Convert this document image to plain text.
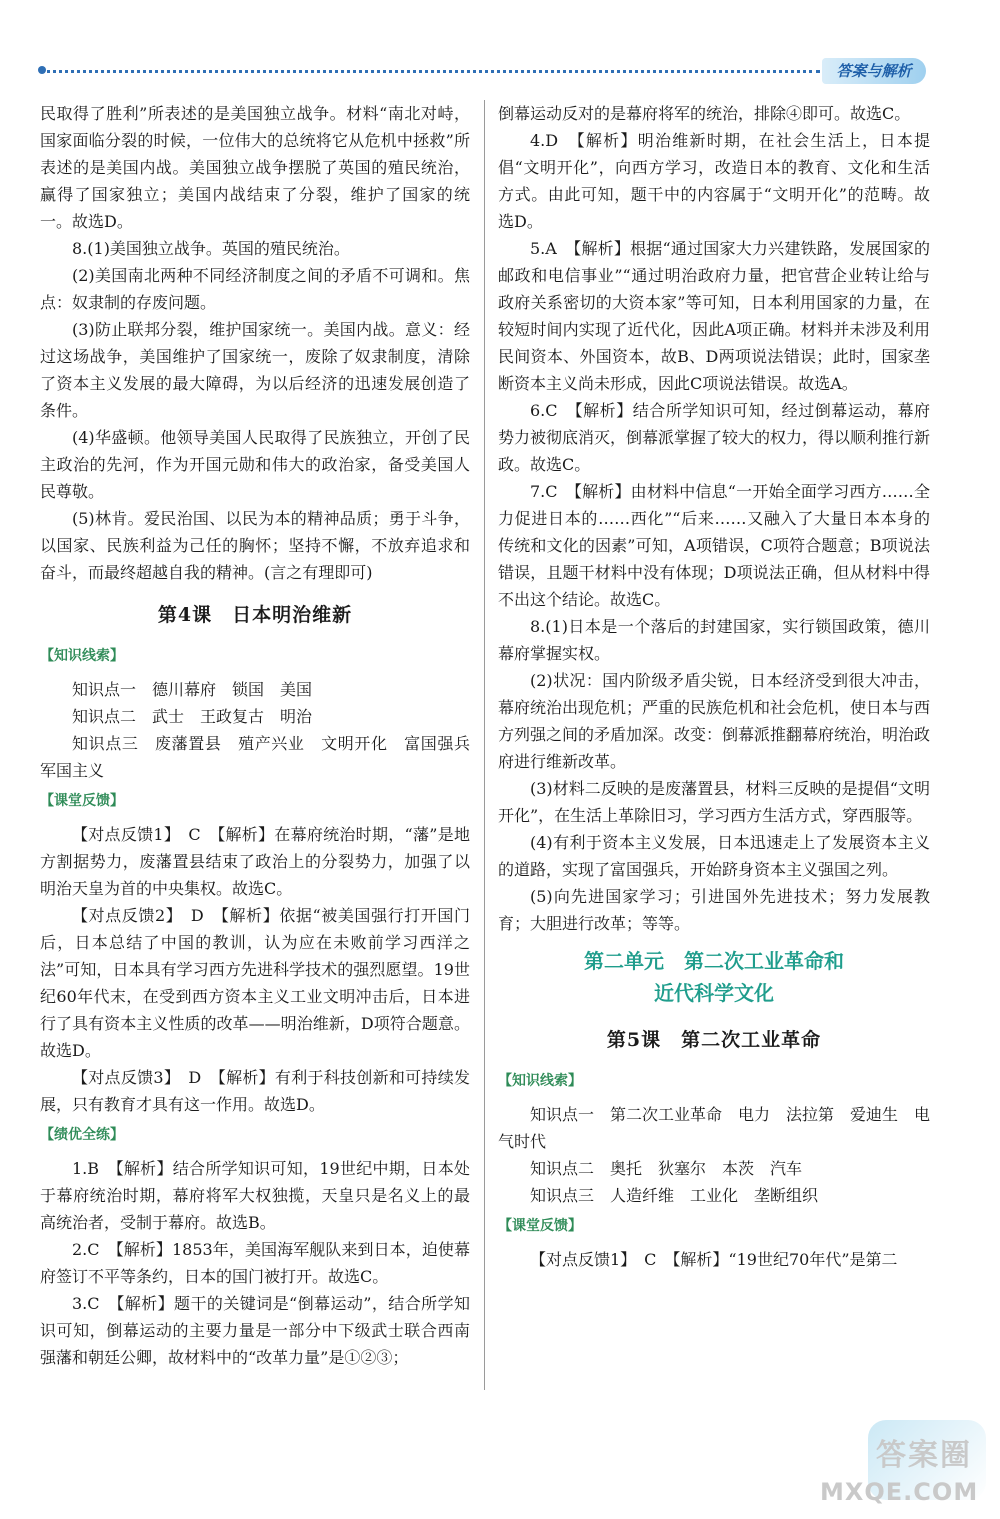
答案与解析

民取得了胜利”所表述的是美国独立战争。材料“南北对峙，国家面临分裂的时候，一位伟大的总统将它从危机中拯救”所表述的是美国内战。美国独立战争摆脱了英国的殖民统治，赢得了国家独立；美国内战结束了分裂，维护了国家的统一。故选D。

8.(1)美国独立战争。英国的殖民统治。

(2)美国南北两种不同经济制度之间的矛盾不可调和。焦点：奴隶制的存废问题。

(3)防止联邦分裂，维护国家统一。美国内战。意义：经过这场战争，美国维护了国家统一，废除了奴隶制度，清除了资本主义发展的最大障碍，为以后经济的迅速发展创造了条件。

(4)华盛顿。他领导美国人民取得了民族独立，开创了民主政治的先河，作为开国元勋和伟大的政治家，备受美国人民尊敬。

(5)林肯。爱民治国、以民为本的精神品质；勇于斗争，以国家、民族利益为己任的胸怀；坚持不懈，不放弃追求和奋斗，而最终超越自我的精神。(言之有理即可)

第4课　日本明治维新
【知识线索】

知识点一　德川幕府　锁国　美国

知识点二　武士　王政复古　明治

知识点三　废藩置县　殖产兴业　文明开化　富国强兵　军国主义

【课堂反馈】

【对点反馈1】　C　【解析】在幕府统治时期，“藩”是地方割据势力，废藩置县结束了政治上的分裂势力，加强了以明治天皇为首的中央集权。故选C。

【对点反馈2】　D　【解析】依据“被美国强行打开国门后，日本总结了中国的教训，认为应在未败前学习西洋之法”可知，日本具有学习西方先进科学技术的强烈愿望。19世纪60年代末，在受到西方资本主义工业文明冲击后，日本进行了具有资本主义性质的改革——明治维新，D项符合题意。故选D。

【对点反馈3】　D　【解析】有利于科技创新和可持续发展，只有教育才具有这一作用。故选D。

【绩优全练】

1.B　【解析】结合所学知识可知，19世纪中期，日本处于幕府统治时期，幕府将军大权独揽，天皇只是名义上的最高统治者，受制于幕府。故选B。

2.C　【解析】1853年，美国海军舰队来到日本，迫使幕府签订不平等条约，日本的国门被打开。故选C。

3.C　【解析】题干的关键词是“倒幕运动”，结合所学知识可知，倒幕运动的主要力量是一部分中下级武士联合西南强藩和朝廷公卿，故材料中的“改革力量”是①②③；

倒幕运动反对的是幕府将军的统治，排除④即可。故选C。

4.D　【解析】明治维新时期，在社会生活上，日本提倡“文明开化”，向西方学习，改造日本的教育、文化和生活方式。由此可知，题干中的内容属于“文明开化”的范畴。故选D。

5.A　【解析】根据“通过国家大力兴建铁路，发展国家的邮政和电信事业”“通过明治政府力量，把官营企业转让给与政府关系密切的大资本家”等可知，日本利用国家的力量，在较短时间内实现了近代化，因此A项正确。材料并未涉及利用民间资本、外国资本，故B、D两项说法错误；此时，国家垄断资本主义尚未形成，因此C项说法错误。故选A。

6.C　【解析】结合所学知识可知，经过倒幕运动，幕府势力被彻底消灭，倒幕派掌握了较大的权力，得以顺利推行新政。故选C。

7.C　【解析】由材料中信息“一开始全面学习西方……全力促进日本的……西化”“后来……又融入了大量日本本身的传统和文化的因素”可知，A项错误，C项符合题意；B项说法错误，且题干材料中没有体现；D项说法正确，但从材料中得不出这个结论。故选C。

8.(1)日本是一个落后的封建国家，实行锁国政策，德川幕府掌握实权。

(2)状况：国内阶级矛盾尖锐，日本经济受到很大冲击，幕府统治出现危机；严重的民族危机和社会危机，使日本与西方列强之间的矛盾加深。改变：倒幕派推翻幕府统治，明治政府进行维新改革。

(3)材料二反映的是废藩置县，材料三反映的是提倡“文明开化”，在生活上革除旧习，学习西方生活方式，穿西服等。

(4)有利于资本主义发展，日本迅速走上了发展资本主义的道路，实现了富国强兵，开始跻身资本主义强国之列。

(5)向先进国家学习；引进国外先进技术；努力发展教育；大胆进行改革；等等。

第二单元　第二次工业革命和
近代科学文化
第5课　第二次工业革命
【知识线索】

知识点一　第二次工业革命　电力　法拉第　爱迪生　电气时代

知识点二　奥托　狄塞尔　本茨　汽车

知识点三　人造纤维　工业化　垄断组织

【课堂反馈】

【对点反馈1】　C　【解析】“19世纪70年代”是第二

答案圈
MXQE.COM
